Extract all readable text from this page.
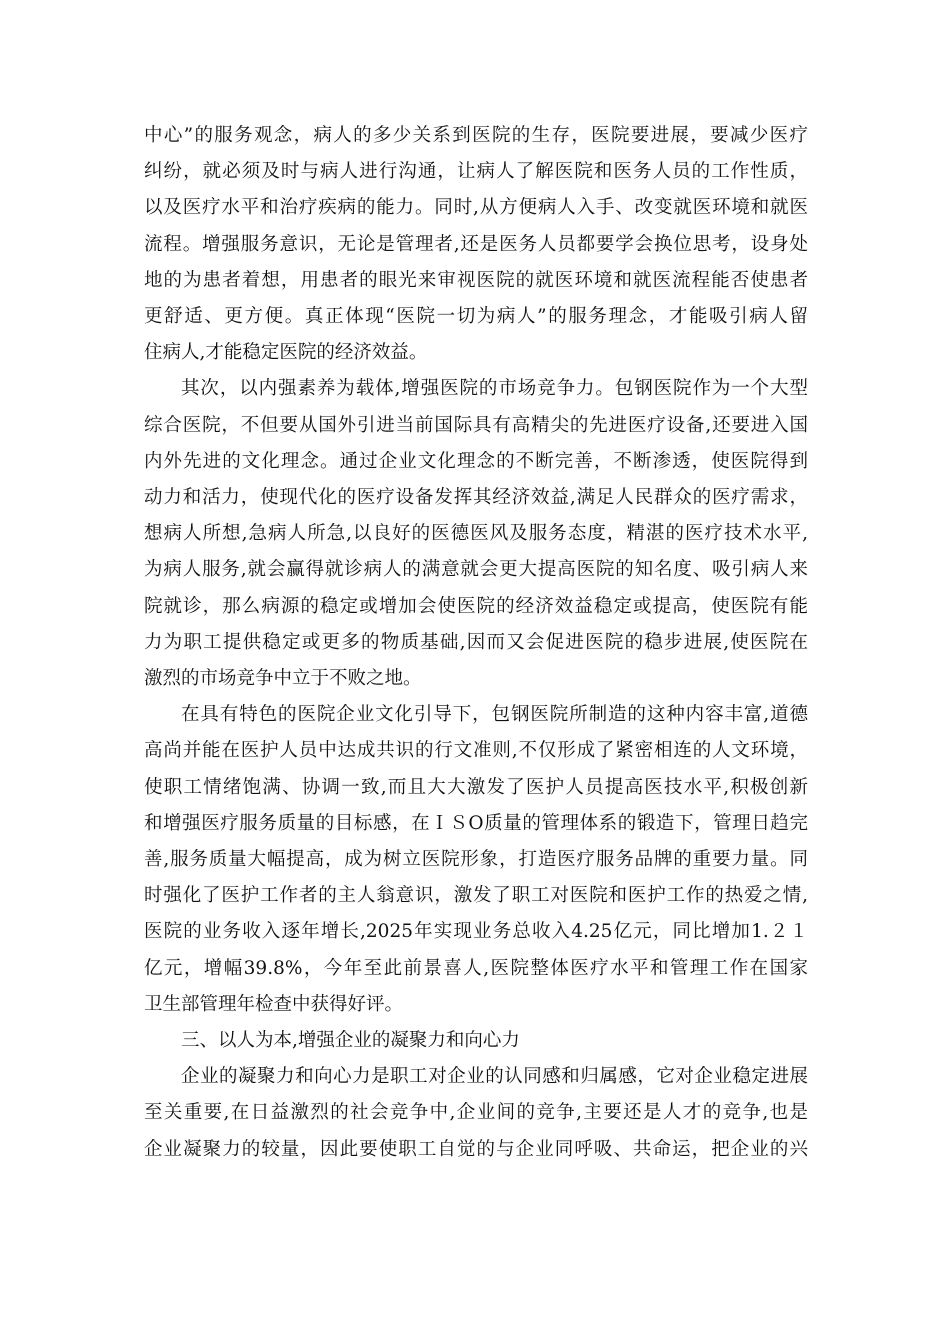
中心”的服务观念，病人的多少关系到医院的生存，医院要进展，要减少医疗
纠纷，就必须及时与病人进行沟通，让病人了解医院和医务人员的工作性质，
以及医疗水平和治疗疾病的能力。同时,从方便病人入手、改变就医环境和就医
流程。增强服务意识，无论是管理者,还是医务人员都要学会换位思考，设身处
地的为患者着想，用患者的眼光来审视医院的就医环境和就医流程能否使患者
更舒适、更方便。真正体现“医院一切为病人”的服务理念，才能吸引病人留
住病人,才能稳定医院的经济效益。
其次，以内强素养为载体,增强医院的市场竞争力。包钢医院作为一个大型
综合医院，不但要从国外引进当前国际具有高精尖的先进医疗设备,还要进入国
内外先进的文化理念。通过企业文化理念的不断完善，不断渗透，使医院得到
动力和活力，使现代化的医疗设备发挥其经济效益,满足人民群众的医疗需求，
想病人所想,急病人所急,以良好的医德医风及服务态度，精湛的医疗技术水平,
为病人服务,就会赢得就诊病人的满意就会更大提高医院的知名度、吸引病人来
院就诊，那么病源的稳定或增加会使医院的经济效益稳定或提高，使医院有能
力为职工提供稳定或更多的物质基础,因而又会促进医院的稳步进展,使医院在
激烈的市场竞争中立于不败之地。
在具有特色的医院企业文化引导下，包钢医院所制造的这种内容丰富,道德
高尚并能在医护人员中达成共识的行文准则,不仅形成了紧密相连的人文环境，
使职工情绪饱满、协调一致,而且大大激发了医护人员提高医技水平,积极创新
和增强医疗服务质量的目标感，在ＩＳO质量的管理体系的锻造下，管理日趋完
善,服务质量大幅提高，成为树立医院形象，打造医疗服务品牌的重要力量。同
时强化了医护工作者的主人翁意识，激发了职工对医院和医护工作的热爱之情,
医院的业务收入逐年增长,2025年实现业务总收入4.25亿元，同比增加1.２１
亿元，增幅39.8%，今年至此前景喜人,医院整体医疗水平和管理工作在国家
卫生部管理年检查中获得好评。
三、以人为本,增强企业的凝聚力和向心力
企业的凝聚力和向心力是职工对企业的认同感和归属感，它对企业稳定进展
至关重要,在日益激烈的社会竞争中,企业间的竞争,主要还是人才的竞争,也是
企业凝聚力的较量，因此要使职工自觉的与企业同呼吸、共命运，把企业的兴
